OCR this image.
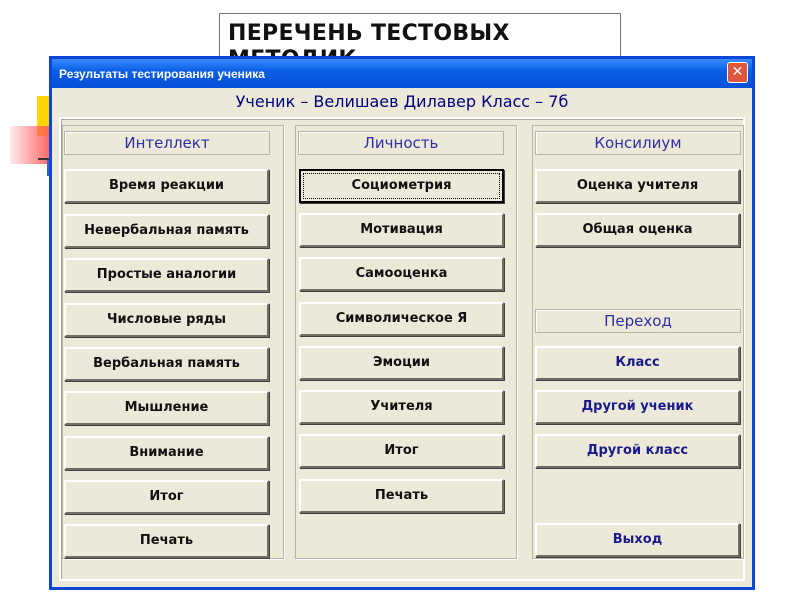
ПЕРЕЧЕНЬ ТЕСТОВЫХ
Результаты тестирования ученика	✕
Ученик – Велишаев Дилавер Класс – 7б
Интеллект
Время реакции
Невербальная память
Простые аналогии
Числовые ряды
Вербальная память
Мышление
Внимание
Итог
Печать
Личность
Социометрия
Мотивация
Самооценка
Символическое Я
Эмоции
Учителя
Итог
Печать
Консилиум
Оценка учителя
Общая оценка
Переход
Класс
Другой ученик
Другой класс
Выход
